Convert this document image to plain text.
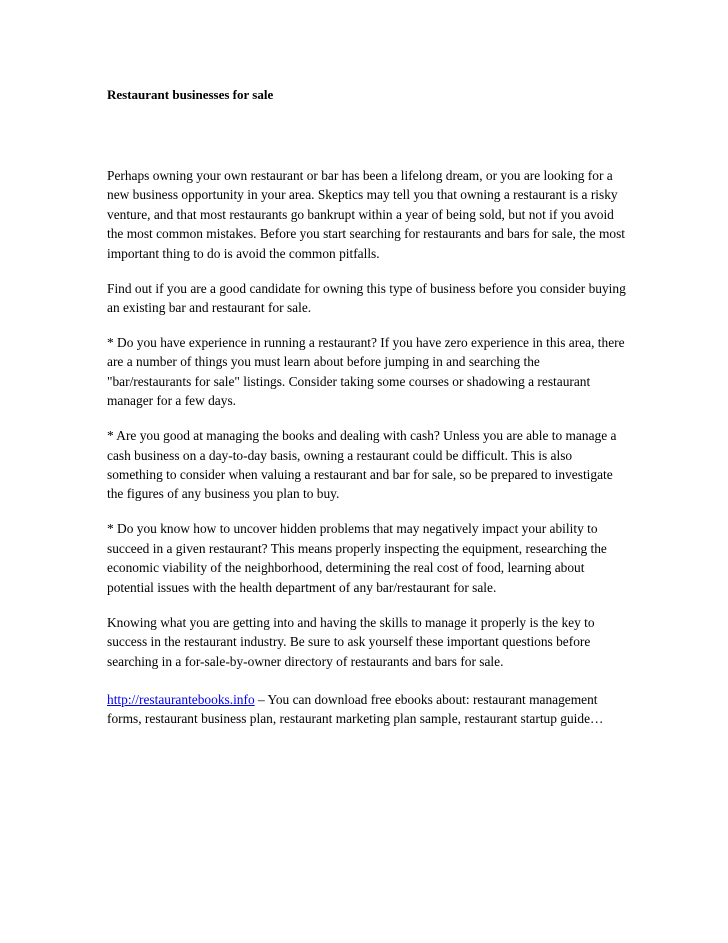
Restaurant businesses for sale

Perhaps owning your own restaurant or bar has been a lifelong dream, or you are looking for a new business opportunity in your area. Skeptics may tell you that owning a restaurant is a risky venture, and that most restaurants go bankrupt within a year of being sold, but not if you avoid the most common mistakes. Before you start searching for restaurants and bars for sale, the most important thing to do is avoid the common pitfalls.

Find out if you are a good candidate for owning this type of business before you consider buying an existing bar and restaurant for sale.

* Do you have experience in running a restaurant? If you have zero experience in this area, there are a number of things you must learn about before jumping in and searching the "bar/restaurants for sale" listings. Consider taking some courses or shadowing a restaurant manager for a few days.

* Are you good at managing the books and dealing with cash? Unless you are able to manage a cash business on a day-to-day basis, owning a restaurant could be difficult. This is also something to consider when valuing a restaurant and bar for sale, so be prepared to investigate the figures of any business you plan to buy.

* Do you know how to uncover hidden problems that may negatively impact your ability to succeed in a given restaurant? This means properly inspecting the equipment, researching the economic viability of the neighborhood, determining the real cost of food, learning about potential issues with the health department of any bar/restaurant for sale.

Knowing what you are getting into and having the skills to manage it properly is the key to success in the restaurant industry. Be sure to ask yourself these important questions before searching in a for-sale-by-owner directory of restaurants and bars for sale.

http://restaurantebooks.info – You can download free ebooks about: restaurant management forms, restaurant business plan, restaurant marketing plan sample, restaurant startup guide…
